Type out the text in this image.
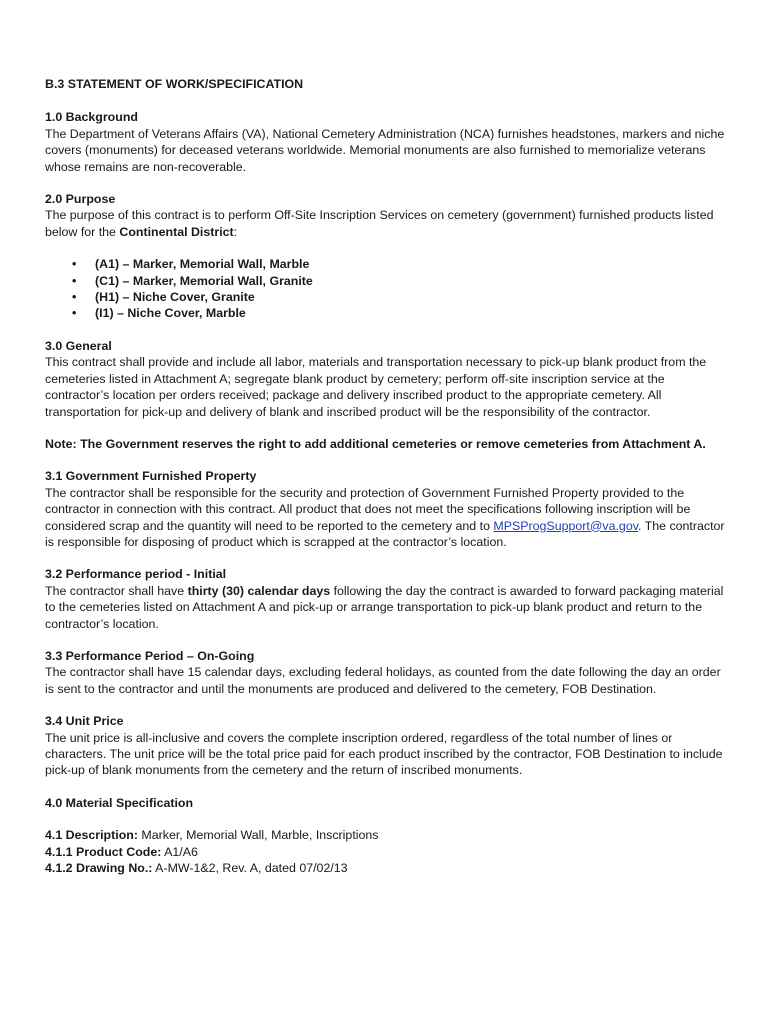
B.3 STATEMENT OF WORK/SPECIFICATION

1.0 Background

The Department of Veterans Affairs (VA), National Cemetery Administration (NCA) furnishes headstones, markers and niche covers (monuments) for deceased veterans worldwide. Memorial monuments are also furnished to memorialize veterans whose remains are non-recoverable.

2.0 Purpose

The purpose of this contract is to perform Off-Site Inscription Services on cemetery (government) furnished products listed below for the Continental District:

• (A1) – Marker, Memorial Wall, Marble
• (C1) – Marker, Memorial Wall, Granite
• (H1) – Niche Cover, Granite
• (I1) – Niche Cover, Marble
3.0 General

This contract shall provide and include all labor, materials and transportation necessary to pick-up blank product from the cemeteries listed in Attachment A; segregate blank product by cemetery; perform off-site inscription service at the contractor’s location per orders received; package and delivery inscribed product to the appropriate cemetery. All transportation for pick-up and delivery of blank and inscribed product will be the responsibility of the contractor.

Note: The Government reserves the right to add additional cemeteries or remove cemeteries from Attachment A.

3.1 Government Furnished Property

The contractor shall be responsible for the security and protection of Government Furnished Property provided to the contractor in connection with this contract. All product that does not meet the specifications following inscription will be considered scrap and the quantity will need to be reported to the cemetery and to MPSProgSupport@va.gov. The contractor is responsible for disposing of product which is scrapped at the contractor’s location.

3.2 Performance period - Initial

The contractor shall have thirty (30) calendar days following the day the contract is awarded to forward packaging material to the cemeteries listed on Attachment A and pick-up or arrange transportation to pick-up blank product and return to the contractor’s location.

3.3 Performance Period – On-Going

The contractor shall have 15 calendar days, excluding federal holidays, as counted from the date following the day an order is sent to the contractor and until the monuments are produced and delivered to the cemetery, FOB Destination.

3.4 Unit Price

The unit price is all-inclusive and covers the complete inscription ordered, regardless of the total number of lines or characters. The unit price will be the total price paid for each product inscribed by the contractor, FOB Destination to include pick-up of blank monuments from the cemetery and the return of inscribed monuments.

4.0 Material Specification

4.1 Description: Marker, Memorial Wall, Marble, Inscriptions

4.1.1 Product Code: A1/A6

4.1.2 Drawing No.: A-MW-1&2, Rev. A, dated 07/02/13
